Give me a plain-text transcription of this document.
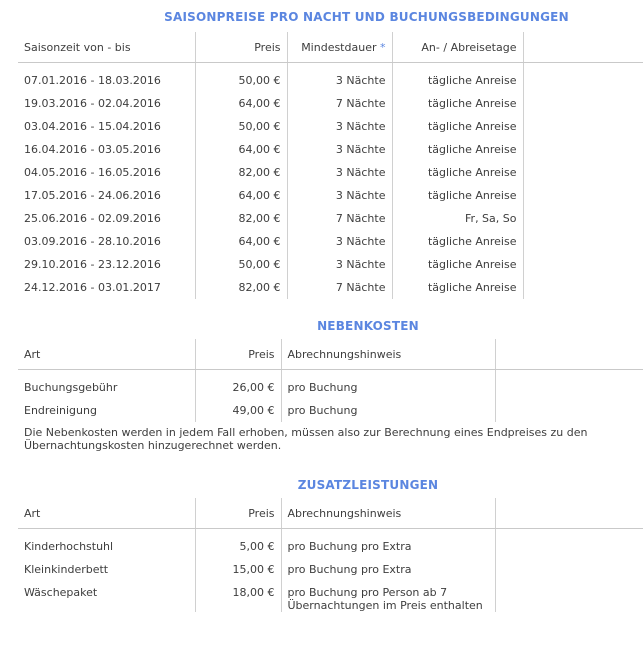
SAISONPREISE PRO NACHT UND BUCHUNGSBEDINGUNGEN
Saisonzeit von - bis	Preis	Mindestdauer *	An- / Abreisetage	

07.01.2016 - 18.03.2016	50,00 €	3 Nächte	tägliche Anreise	
19.03.2016 - 02.04.2016	64,00 €	7 Nächte	tägliche Anreise	
03.04.2016 - 15.04.2016	50,00 €	3 Nächte	tägliche Anreise	
16.04.2016 - 03.05.2016	64,00 €	3 Nächte	tägliche Anreise	
04.05.2016 - 16.05.2016	82,00 €	3 Nächte	tägliche Anreise	
17.05.2016 - 24.06.2016	64,00 €	3 Nächte	tägliche Anreise	
25.06.2016 - 02.09.2016	82,00 €	7 Nächte	Fr, Sa, So	
03.09.2016 - 28.10.2016	64,00 €	3 Nächte	tägliche Anreise	
29.10.2016 - 23.12.2016	50,00 €	3 Nächte	tägliche Anreise	
24.12.2016 - 03.01.2017	82,00 €	7 Nächte	tägliche Anreise	
NEBENKOSTEN
Art	Preis	Abrechnungshinweis	

Buchungsgebühr	26,00 €	pro Buchung	
Endreinigung	49,00 €	pro Buchung	
Die Nebenkosten werden in jedem Fall erhoben, müssen also zur Berechnung eines Endpreises zu den Übernachtungskosten hinzugerechnet werden.
ZUSATZLEISTUNGEN
Art	Preis	Abrechnungshinweis	

Kinderhochstuhl	5,00 €	pro Buchung pro Extra	
Kleinkinderbett	15,00 €	pro Buchung pro Extra	
Wäschepaket	18,00 €	pro Buchung pro Person ab 7 Übernachtungen im Preis enthalten	
